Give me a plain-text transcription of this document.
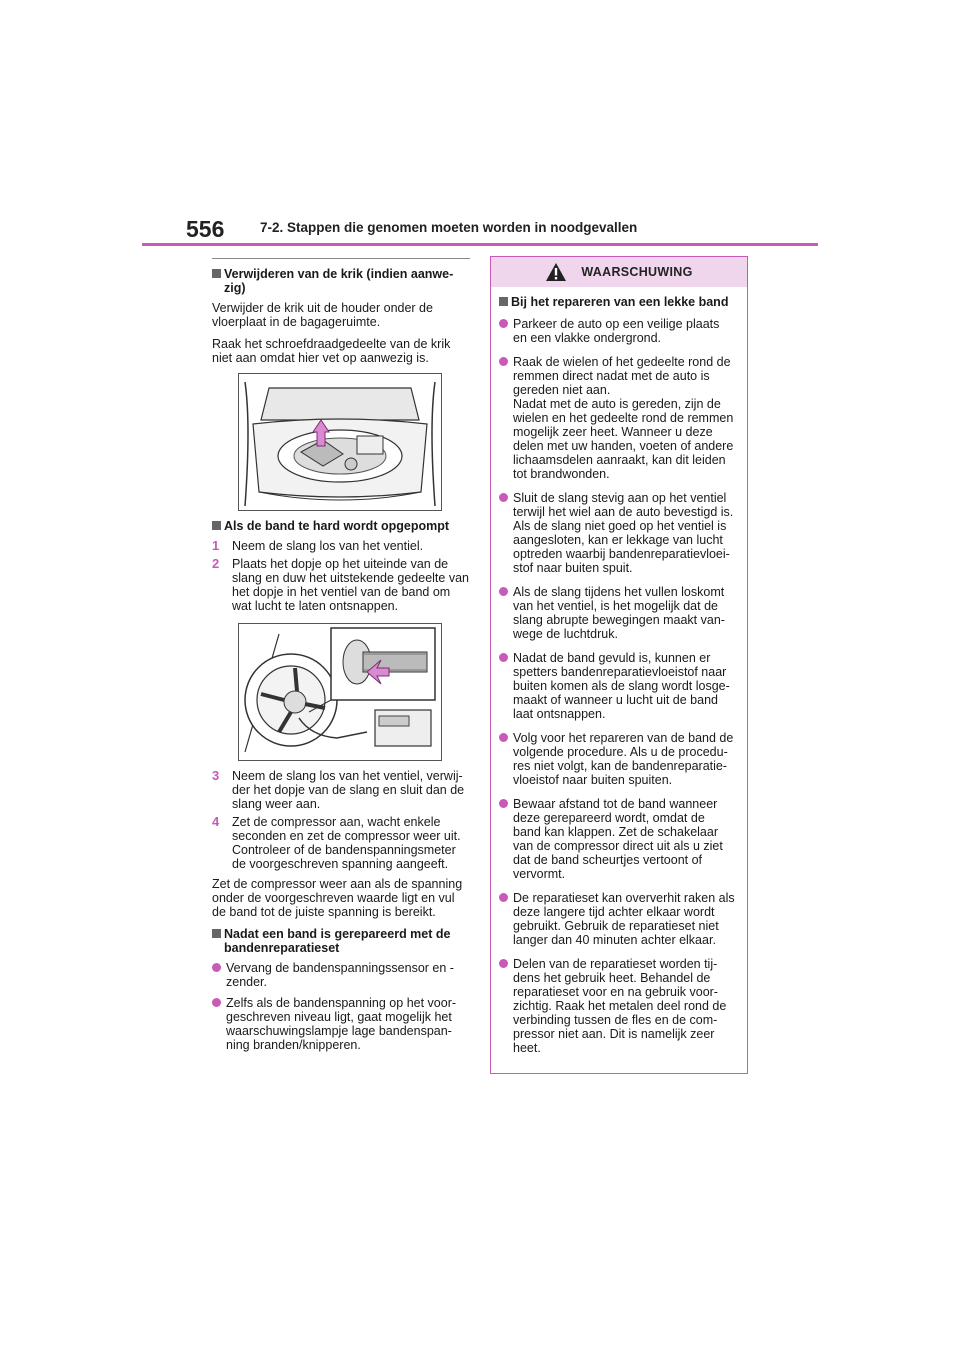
556	7-2. Stappen die genomen moeten worden in noodgevallen
Verwijderen van de krik (indien aanwe-
zig)

Verwijder de krik uit de houder onder de vloerplaat in de bagageruimte.

Raak het schroefdraadgedeelte van de krik niet aan omdat hier vet op aanwezig is.

Als de band te hard wordt opgepompt
1 Neem de slang los van het ventiel.
2 Plaats het dopje op het uiteinde van de slang en duw het uitstekende gedeelte van het dopje in het ventiel van de band om wat lucht te laten ontsnappen.
3 Neem de slang los van het ventiel, verwij-der het dopje van de slang en sluit dan de slang weer aan.
4 Zet de compressor aan, wacht enkele seconden en zet de compressor weer uit. Controleer of de bandenspanningsmeter de voorgeschreven spanning aangeeft.

Zet de compressor weer aan als de spanning onder de voorgeschreven waarde ligt en vul de band tot de juiste spanning is bereikt.

Nadat een band is gerepareerd met de bandenreparatieset
Vervang de bandenspanningssensor en -zender.
Zelfs als de bandenspanning op het voor-geschreven niveau ligt, gaat mogelijk het waarschuwingslampje lage bandenspan-ning branden/knipperen.
WAARSCHUWING
Bij het repareren van een lekke band
Parkeer de auto op een veilige plaats en een vlakke ondergrond.
Raak de wielen of het gedeelte rond de remmen direct nadat met de auto is gereden niet aan.
Nadat met de auto is gereden, zijn de wielen en het gedeelte rond de remmen mogelijk zeer heet. Wanneer u deze delen met uw handen, voeten of andere lichaamsdelen aanraakt, kan dit leiden tot brandwonden.
Sluit de slang stevig aan op het ventiel terwijl het wiel aan de auto bevestigd is. Als de slang niet goed op het ventiel is aangesloten, kan er lekkage van lucht optreden waarbij bandenreparatievloei-stof naar buiten spuit.
Als de slang tijdens het vullen loskomt van het ventiel, is het mogelijk dat de slang abrupte bewegingen maakt van-wege de luchtdruk.
Nadat de band gevuld is, kunnen er spetters bandenreparatievloeistof naar buiten komen als de slang wordt losge-maakt of wanneer u lucht uit de band laat ontsnappen.
Volg voor het repareren van de band de volgende procedure. Als u de procedu-res niet volgt, kan de bandenreparatie-vloeistof naar buiten spuiten.
Bewaar afstand tot de band wanneer deze gerepareerd wordt, omdat de band kan klappen. Zet de schakelaar van de compressor direct uit als u ziet dat de band scheurtjes vertoont of vervormt.
De reparatieset kan oververhit raken als deze langere tijd achter elkaar wordt gebruikt. Gebruik de reparatieset niet langer dan 40 minuten achter elkaar.
Delen van de reparatieset worden tij-dens het gebruik heet. Behandel de reparatieset voor en na gebruik voor-zichtig. Raak het metalen deel rond de verbinding tussen de fles en de com-pressor niet aan. Dit is namelijk zeer heet.
